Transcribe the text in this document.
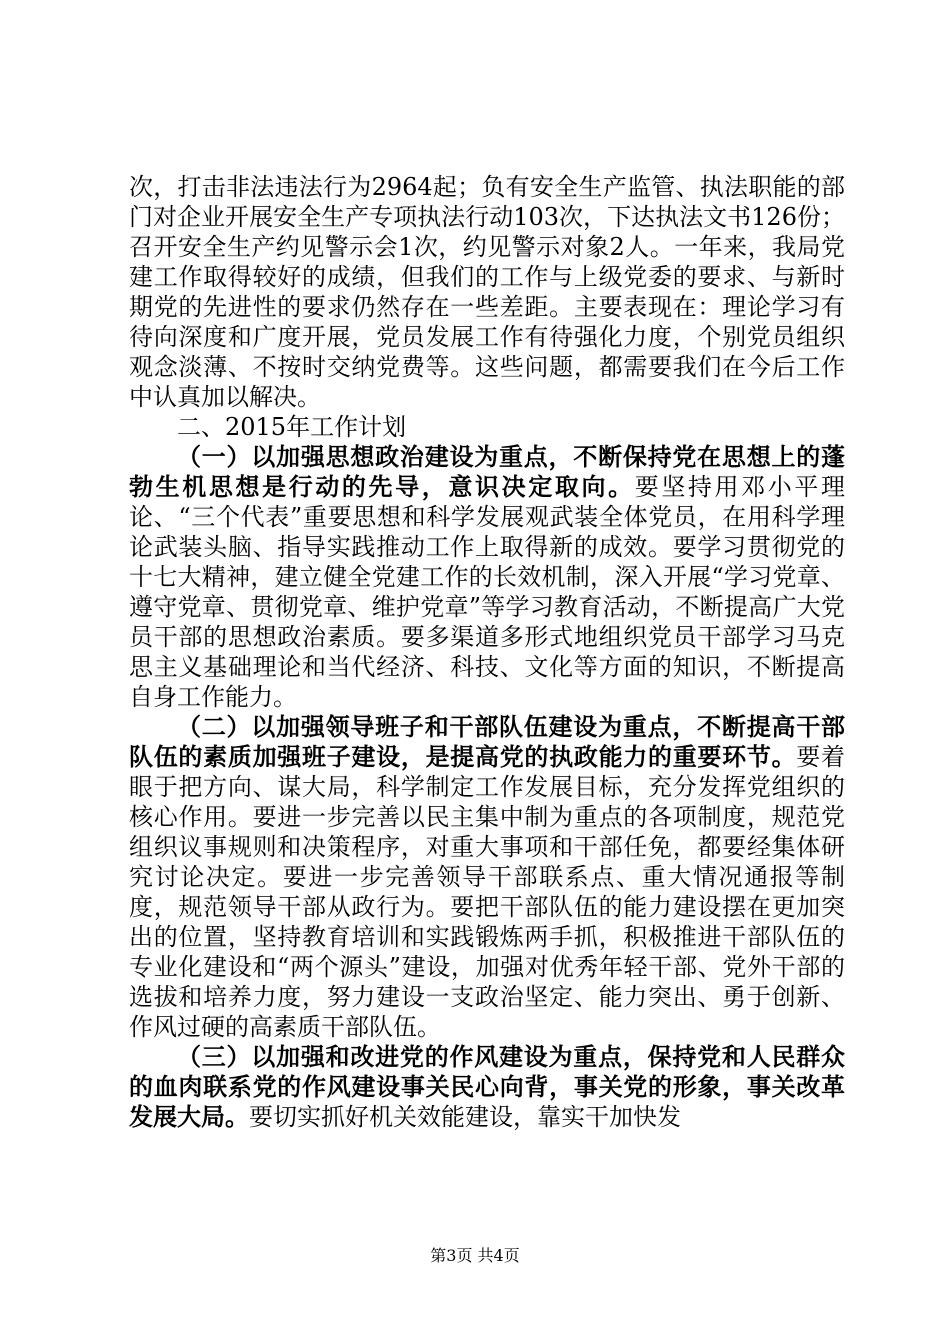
次，打击非法违法行为2964起；负有安全生产监管、执法职能的部门对企业开展安全生产专项执法行动103次，下达执法文书126份；召开安全生产约见警示会1次，约见警示对象2人。一年来，我局党建工作取得较好的成绩，但我们的工作与上级党委的要求、与新时期党的先进性的要求仍然存在一些差距。主要表现在：理论学习有待向深度和广度开展，党员发展工作有待强化力度，个别党员组织观念淡薄、不按时交纳党费等。这些问题，都需要我们在今后工作中认真加以解决。

二、2015年工作计划

（一）以加强思想政治建设为重点，不断保持党在思想上的蓬勃生机思想是行动的先导，意识决定取向。要坚持用邓小平理论、“三个代表”重要思想和科学发展观武装全体党员，在用科学理论武装头脑、指导实践推动工作上取得新的成效。要学习贯彻党的十七大精神，建立健全党建工作的长效机制，深入开展“学习党章、遵守党章、贯彻党章、维护党章”等学习教育活动，不断提高广大党员干部的思想政治素质。要多渠道多形式地组织党员干部学习马克思主义基础理论和当代经济、科技、文化等方面的知识，不断提高自身工作能力。

（二）以加强领导班子和干部队伍建设为重点，不断提高干部队伍的素质加强班子建设，是提高党的执政能力的重要环节。要着眼于把方向、谋大局，科学制定工作发展目标，充分发挥党组织的核心作用。要进一步完善以民主集中制为重点的各项制度，规范党组织议事规则和决策程序，对重大事项和干部任免，都要经集体研究讨论决定。要进一步完善领导干部联系点、重大情况通报等制度，规范领导干部从政行为。要把干部队伍的能力建设摆在更加突出的位置，坚持教育培训和实践锻炼两手抓，积极推进干部队伍的专业化建设和“两个源头”建设，加强对优秀年轻干部、党外干部的选拔和培养力度，努力建设一支政治坚定、能力突出、勇于创新、作风过硬的高素质干部队伍。

（三）以加强和改进党的作风建设为重点，保持党和人民群众的血肉联系党的作风建设事关民心向背，事关党的形象，事关改革发展大局。要切实抓好机关效能建设，靠实干加快发

第3页 共4页
